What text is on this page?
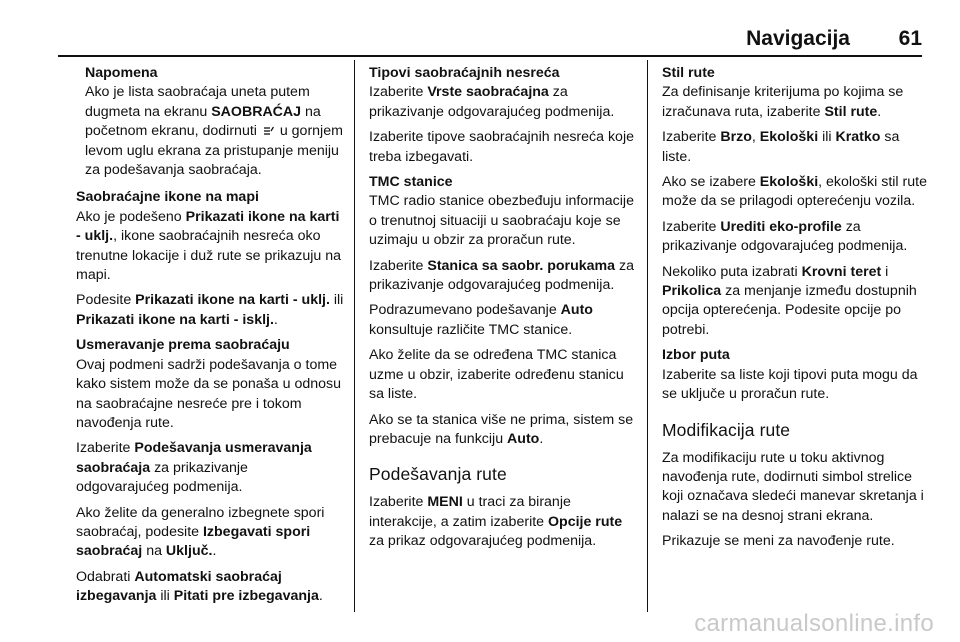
Navigacija 61
Napomena
Ako je lista saobraćaja uneta putem dugmeta na ekranu SAOBRAĆAJ na početnom ekranu, dodirnuti  u gornjem levom uglu ekrana za pristupanje meniju za podešavanja saobraćaja.
Saobraćajne ikone na mapi

Ako je podešeno Prikazati ikone na karti - uklj., ikone saobraćajnih nesreća oko trenutne lokacije i duž rute se prikazuju na mapi.

Podesite Prikazati ikone na karti - uklj. ili Prikazati ikone na karti - isklj..

Usmeravanje prema saobraćaju

Ovaj podmeni sadrži podešavanja o tome kako sistem može da se ponaša u odnosu na saobraćajne nesreće pre i tokom navođenja rute.

Izaberite Podešavanja usmeravanja saobraćaja za prikazivanje odgovarajućeg podmenija.

Ako želite da generalno izbegnete spori saobraćaj, podesite Izbegavati spori saobraćaj na Uključ..

Odabrati Automatski saobraćaj izbegavanja ili Pitati pre izbegavanja.

Tipovi saobraćajnih nesreća

Izaberite Vrste saobraćajna za prikazivanje odgovarajućeg podmenija.

Izaberite tipove saobraćajnih nesreća koje treba izbegavati.

TMC stanice

TMC radio stanice obezbeđuju informacije o trenutnoj situaciji u saobraćaju koje se uzimaju u obzir za proračun rute.

Izaberite Stanica sa saobr. porukama za prikazivanje odgovarajućeg podmenija.

Podrazumevano podešavanje Auto konsultuje različite TMC stanice.

Ako želite da se određena TMC stanica uzme u obzir, izaberite određenu stanicu sa liste.

Ako se ta stanica više ne prima, sistem se prebacuje na funkciju Auto.

Podešavanja rute

Izaberite MENI u traci za biranje interakcije, a zatim izaberite Opcije rute za prikaz odgovarajućeg podmenija.

Stil rute

Za definisanje kriterijuma po kojima se izračunava ruta, izaberite Stil rute.

Izaberite Brzo, Ekološki ili Kratko sa liste.

Ako se izabere Ekološki, ekološki stil rute može da se prilagodi opterećenju vozila.

Izaberite Urediti eko-profile za prikazivanje odgovarajućeg podmenija.

Nekoliko puta izabrati Krovni teret i Prikolica za menjanje između dostupnih opcija opterećenja. Podesite opcije po potrebi.

Izbor puta

Izaberite sa liste koji tipovi puta mogu da se uključe u proračun rute.

Modifikacija rute

Za modifikaciju rute u toku aktivnog navođenja rute, dodirnuti simbol strelice koji označava sledeći manevar skretanja i nalazi se na desnoj strani ekrana.

Prikazuje se meni za navođenje rute.

carmanualsonline.info
